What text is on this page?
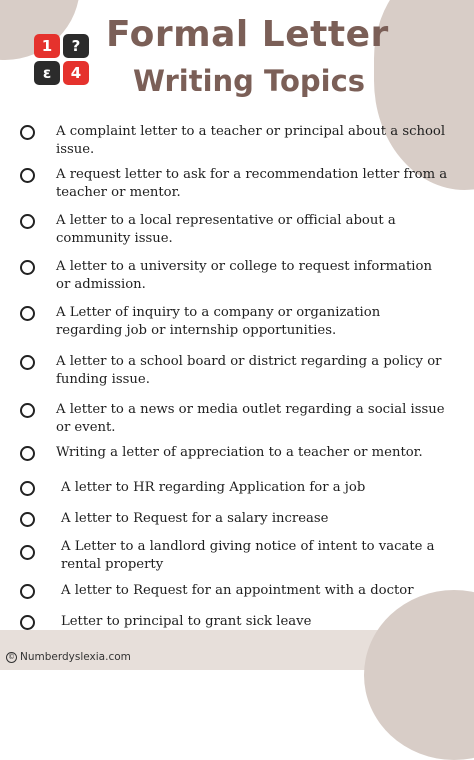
1	?
ɛ	4
Formal Letter
Writing Topics
A complaint letter to a teacher or principal about a school issue.
A request letter to ask for a recommendation letter from a teacher or mentor.
A letter to a local representative or official about a community issue.
A letter to a university or college to request information or admission.
A Letter of inquiry to a company or organization regarding job or internship opportunities.
A letter to a school board or district regarding a policy or funding issue.
A letter to a news or media outlet regarding a social issue or event.
Writing a letter of appreciation to a teacher or mentor.
A letter to HR regarding Application for a job
A letter to Request for a salary increase
A Letter to a landlord giving notice of intent to vacate a rental property
A letter to Request for an appointment with a doctor
Letter to principal to grant sick leave
© Numberdyslexia.com
